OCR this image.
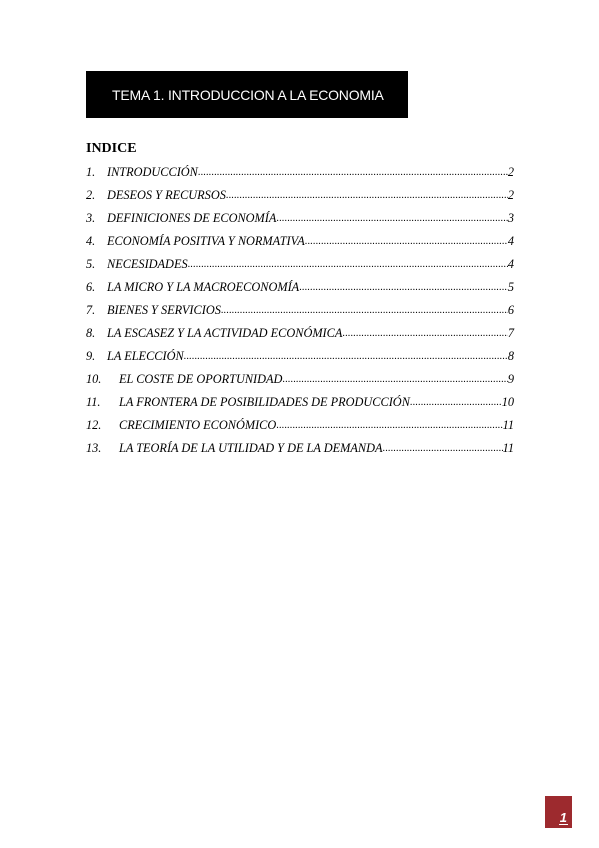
TEMA 1. INTRODUCCION A LA ECONOMIA
INDICE
1. INTRODUCCIÓN .....	2
2. DESEOS Y RECURSOS .....	2
3. DEFINICIONES DE ECONOMÍA .....	3
4. ECONOMÍA POSITIVA Y NORMATIVA .....	4
5. NECESIDADES .....	4
6. LA MICRO Y LA MACROECONOMÍA .....	5
7. BIENES Y SERVICIOS .....	6
8. LA ESCASEZ Y LA ACTIVIDAD ECONÓMICA .....	7
9. LA ELECCIÓN .....	8
10.	EL COSTE DE OPORTUNIDAD .....	9
11.	LA FRONTERA DE POSIBILIDADES DE PRODUCCIÓN .....	10
12.	CRECIMIENTO ECONÓMICO .....	11
13.	LA TEORÍA DE LA UTILIDAD Y DE LA DEMANDA .....	11
1
